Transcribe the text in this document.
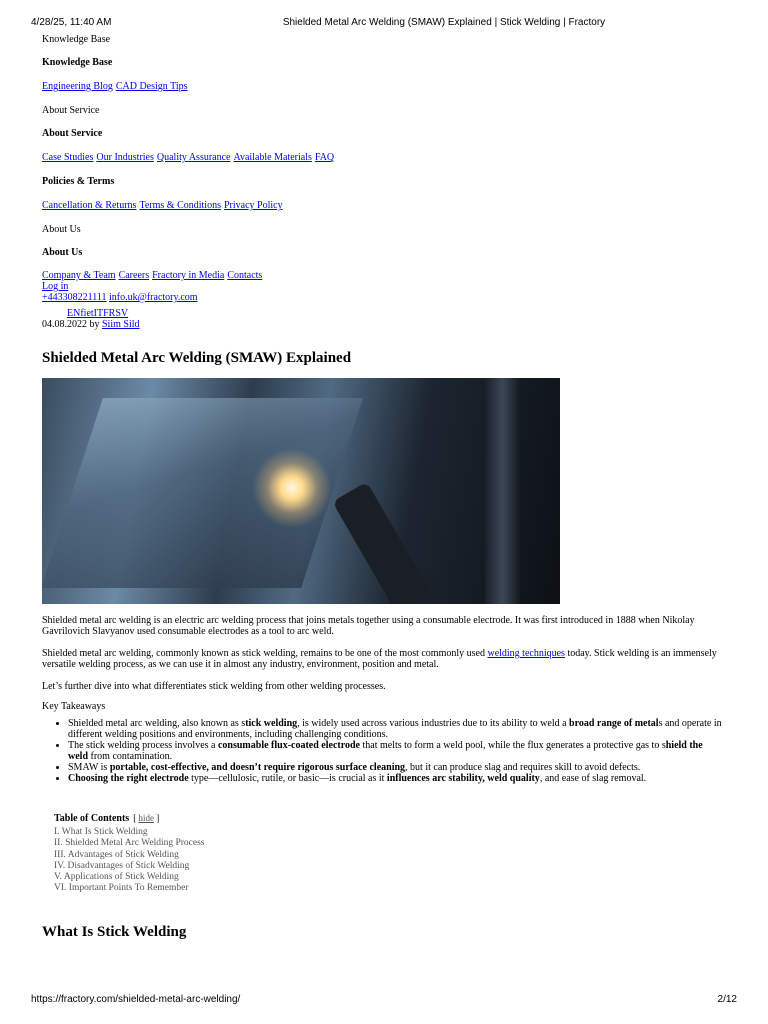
4/28/25, 11:40 AM	Shielded Metal Arc Welding (SMAW) Explained | Stick Welding | Fractory
Knowledge Base
Knowledge Base
Engineering Blog CAD Design Tips
About Service
About Service
Case Studies Our Industries Quality Assurance Available Materials FAQ
Policies & Terms
Cancellation & Returns Terms & Conditions Privacy Policy
About Us
About Us
Company & Team Careers Fractory in Media Contacts
Log in
+443308221111 info.uk@fractory.com
ENfietITFRSV
04.08.2022 by Siim Sild
Shielded Metal Arc Welding (SMAW) Explained

Shielded metal arc welding is an electric arc welding process that joins metals together using a consumable electrode. It was first introduced in 1888 when Nikolay Gavrilovich Slavyanov used consumable electrodes as a tool to arc weld.

Shielded metal arc welding, commonly known as stick welding, remains to be one of the most commonly used welding techniques today. Stick welding is an immensely versatile welding process, as we can use it in almost any industry, environment, position and metal.

Let’s further dive into what differentiates stick welding from other welding processes.

Key Takeaways
• Shielded metal arc welding, also known as stick welding, is widely used across various industries due to its ability to weld a broad range of metals and operate in different welding positions and environments, including challenging conditions.
• The stick welding process involves a consumable flux-coated electrode that melts to form a weld pool, while the flux generates a protective gas to shield the weld from contamination.
• SMAW is portable, cost-effective, and doesn’t require rigorous surface cleaning, but it can produce slag and requires skill to avoid defects.
• Choosing the right electrode type—cellulosic, rutile, or basic—is crucial as it influences arc stability, weld quality, and ease of slag removal.
Table of Contents [ hide ]
I. What Is Stick Welding
II. Shielded Metal Arc Welding Process
III. Advantages of Stick Welding
IV. Disadvantages of Stick Welding
V. Applications of Stick Welding
VI. Important Points To Remember
What Is Stick Welding
https://fractory.com/shielded-metal-arc-welding/	2/12
